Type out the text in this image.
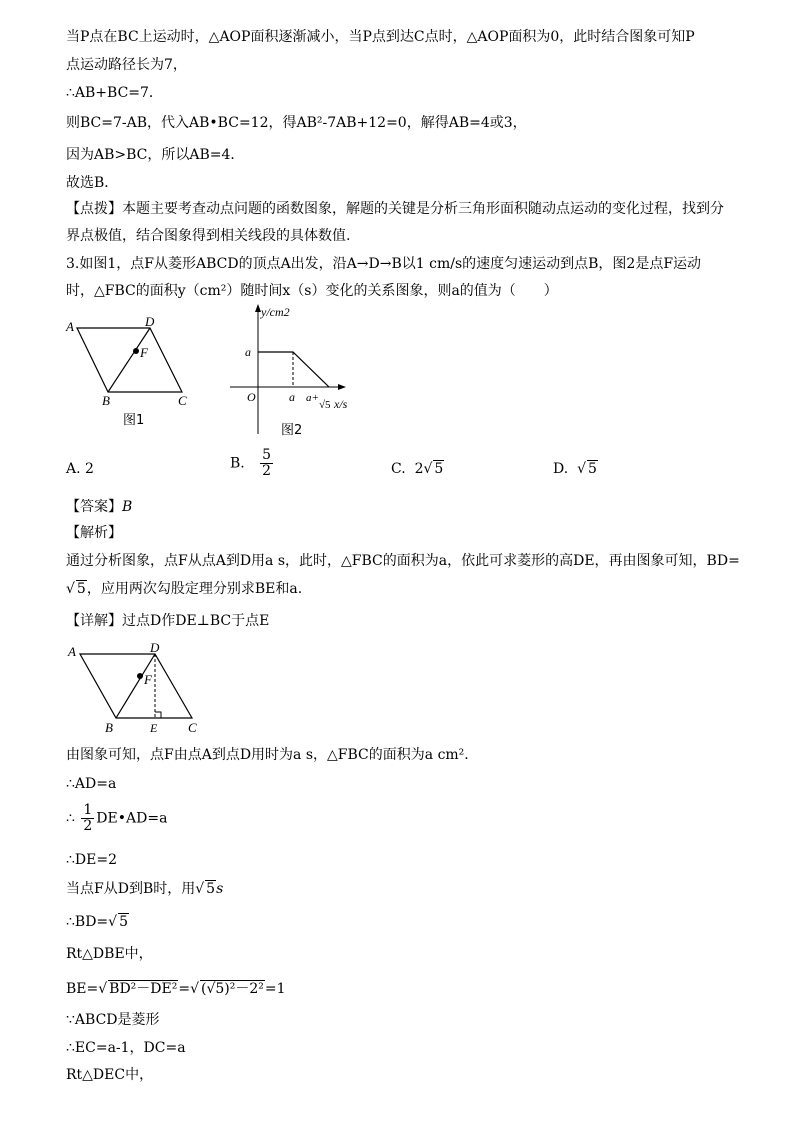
当P点在BC上运动时，△AOP面积逐渐减小，当P点到达C点时，△AOP面积为0，此时结合图象可知P
点运动路径长为7，
∴AB+BC=7．
则BC=7-AB，代入AB•BC=12，得AB²-7AB+12=0，解得AB=4或3，
因为AB>BC，所以AB=4．
故选B．
【点拨】本题主要考查动点问题的函数图象，解题的关键是分析三角形面积随动点运动的变化过程，找到分
界点极值，结合图象得到相关线段的具体数值.
3.如图1，点F从菱形ABCD的顶点A出发，沿A→D→B以1 cm/s的速度匀速运动到点B，图2是点F运动
时，△FBC的面积y（cm²）随时间x（s）变化的关系图象，则a的值为（　　）
A	D
F
B	C
图1
y/cm2
a
O	a a+
√5 x/s
图2
A. 2	B. $\frac{5}{2}$	C. 2√ 5	D. √ 5
【答案】B
【解析】
通过分析图象，点F从点A到D用a s，此时，△FBC的面积为a，依此可求菱形的高DE，再由图象可知，BD=
√ 5，应用两次勾股定理分别求BE和a.
【详解】过点D作DE⊥BC于点E
A	D
F
B	E C
由图象可知，点F由点A到点D用时为a s，△FBC的面积为a cm².
∴AD=a
∴ $\frac{1}{2}$ DE•AD=a
∴DE=2
当点F从D到B时，用√ 5s
∴BD=√ 5
Rt△DBE中，
BE=√ BD²－DE²=√ (√5)²－2²=1
∵ABCD是菱形
∴EC=a-1，DC=a
Rt△DEC中，
